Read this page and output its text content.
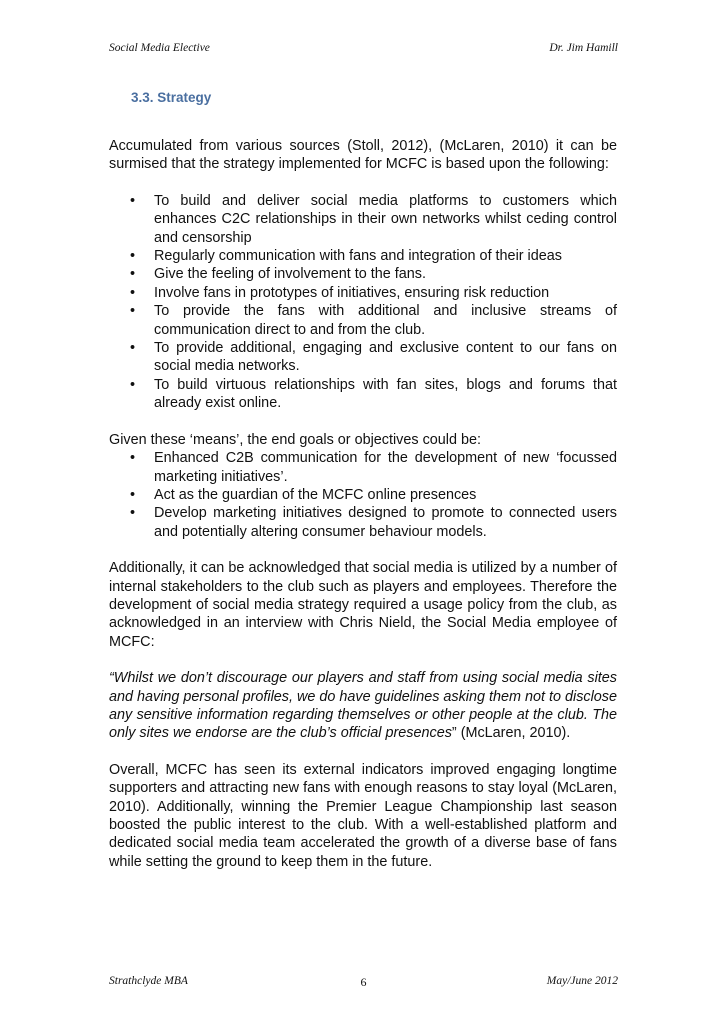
Social Media Elective	Dr. Jim Hamill
3.3. Strategy

Accumulated from various sources (Stoll, 2012), (McLaren, 2010) it can be surmised that the strategy implemented for MCFC is based upon the following:

• To build and deliver social media platforms to customers which enhances C2C relationships in their own networks whilst ceding control and censorship
• Regularly communication with fans and integration of their ideas
• Give the feeling of involvement to the fans.
• Involve fans in prototypes of initiatives, ensuring risk reduction
• To provide the fans with additional and inclusive streams of communication direct to and from the club.
• To provide additional, engaging and exclusive content to our fans on social media networks.
• To build virtuous relationships with fan sites, blogs and forums that already exist online.

Given these ‘means’, the end goals or objectives could be:

• Enhanced C2B communication for the development of new ‘focussed marketing initiatives’.
• Act as the guardian of the MCFC online presences
• Develop marketing initiatives designed to promote to connected users and potentially altering consumer behaviour models.

Additionally, it can be acknowledged that social media is utilized by a number of internal stakeholders to the club such as players and employees. Therefore the development of social media strategy required a usage policy from the club, as acknowledged in an interview with Chris Nield, the Social Media employee of MCFC:

“Whilst we don’t discourage our players and staff from using social media sites and having personal profiles, we do have guidelines asking them not to disclose any sensitive information regarding themselves or other people at the club. The only sites we endorse are the club’s official presences” (McLaren, 2010).

Overall, MCFC has seen its external indicators improved engaging longtime supporters and attracting new fans with enough reasons to stay loyal (McLaren, 2010). Additionally, winning the Premier League Championship last season boosted the public interest to the club. With a well-established platform and dedicated social media team accelerated the growth of a diverse base of fans while setting the ground to keep them in the future.

Strathclyde MBA	6	May/June 2012
